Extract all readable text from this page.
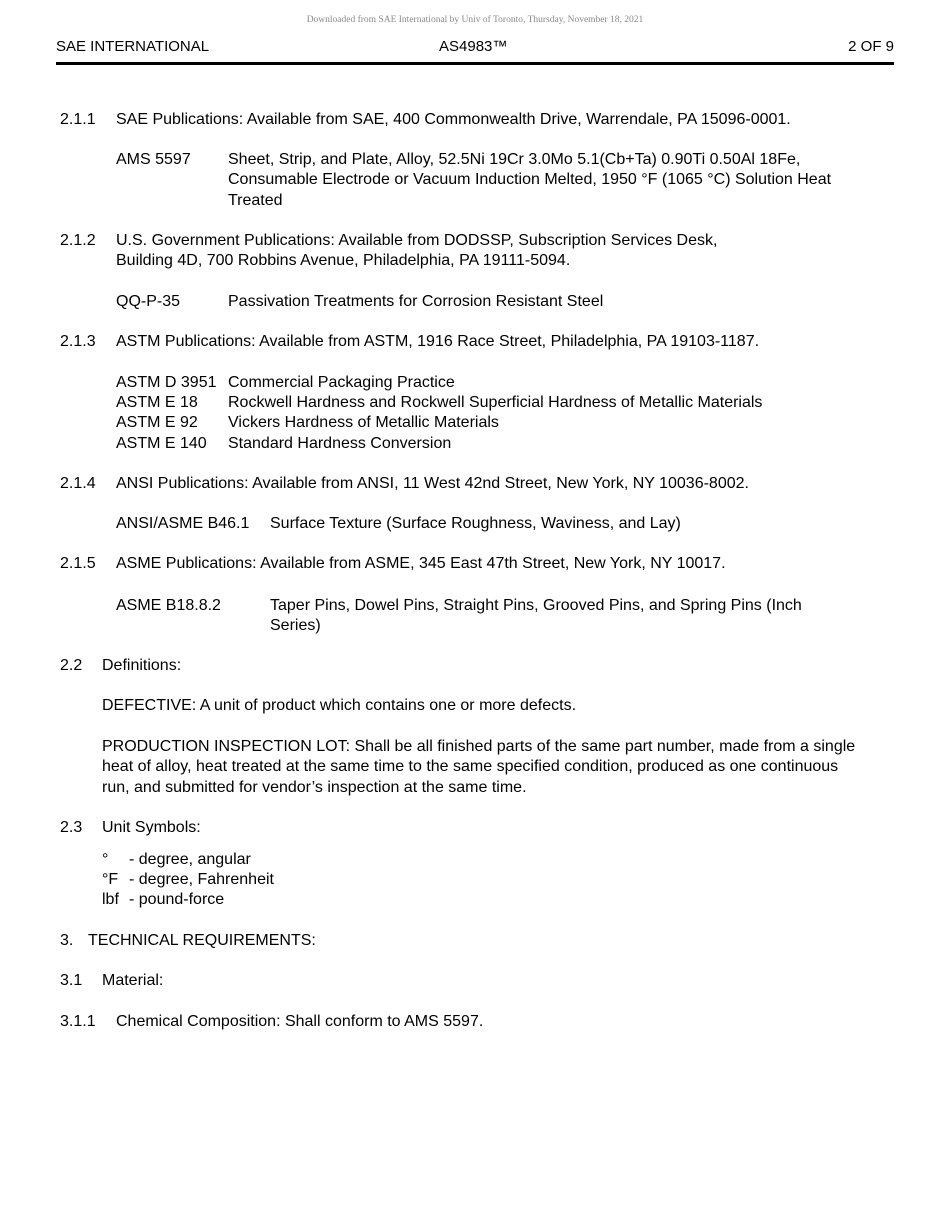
Downloaded from SAE International by Univ of Toronto, Thursday, November 18, 2021
SAE INTERNATIONAL	AS4983™	2 OF 9
2.1.1 SAE Publications: Available from SAE, 400 Commonwealth Drive, Warrendale, PA 15096-0001.
AMS 5597 Sheet, Strip, and Plate, Alloy, 52.5Ni 19Cr 3.0Mo 5.1(Cb+Ta) 0.90Ti 0.50Al 18Fe, Consumable Electrode or Vacuum Induction Melted, 1950 °F (1065 °C) Solution Heat Treated
2.1.2 U.S. Government Publications: Available from DODSSP, Subscription Services Desk, Building 4D, 700 Robbins Avenue, Philadelphia, PA 19111-5094.
QQ-P-35	Passivation Treatments for Corrosion Resistant Steel
2.1.3 ASTM Publications: Available from ASTM, 1916 Race Street, Philadelphia, PA 19103-1187.
ASTM D 3951 Commercial Packaging Practice
ASTM E 18 Rockwell Hardness and Rockwell Superficial Hardness of Metallic Materials
ASTM E 92 Vickers Hardness of Metallic Materials
ASTM E 140 Standard Hardness Conversion
2.1.4 ANSI Publications: Available from ANSI, 11 West 42nd Street, New York, NY 10036-8002.
ANSI/ASME B46.1 Surface Texture (Surface Roughness, Waviness, and Lay)
2.1.5 ASME Publications: Available from ASME, 345 East 47th Street, New York, NY 10017.
ASME B18.8.2	Taper Pins, Dowel Pins, Straight Pins, Grooved Pins, and Spring Pins (Inch Series)
2.2 Definitions:
DEFECTIVE: A unit of product which contains one or more defects.
PRODUCTION INSPECTION LOT: Shall be all finished parts of the same part number, made from a single heat of alloy, heat treated at the same time to the same specified condition, produced as one continuous run, and submitted for vendor’s inspection at the same time.
2.3 Unit Symbols:
° - degree, angular
°F - degree, Fahrenheit
lbf - pound-force
3. TECHNICAL REQUIREMENTS:
3.1 Material:
3.1.1 Chemical Composition: Shall conform to AMS 5597.
